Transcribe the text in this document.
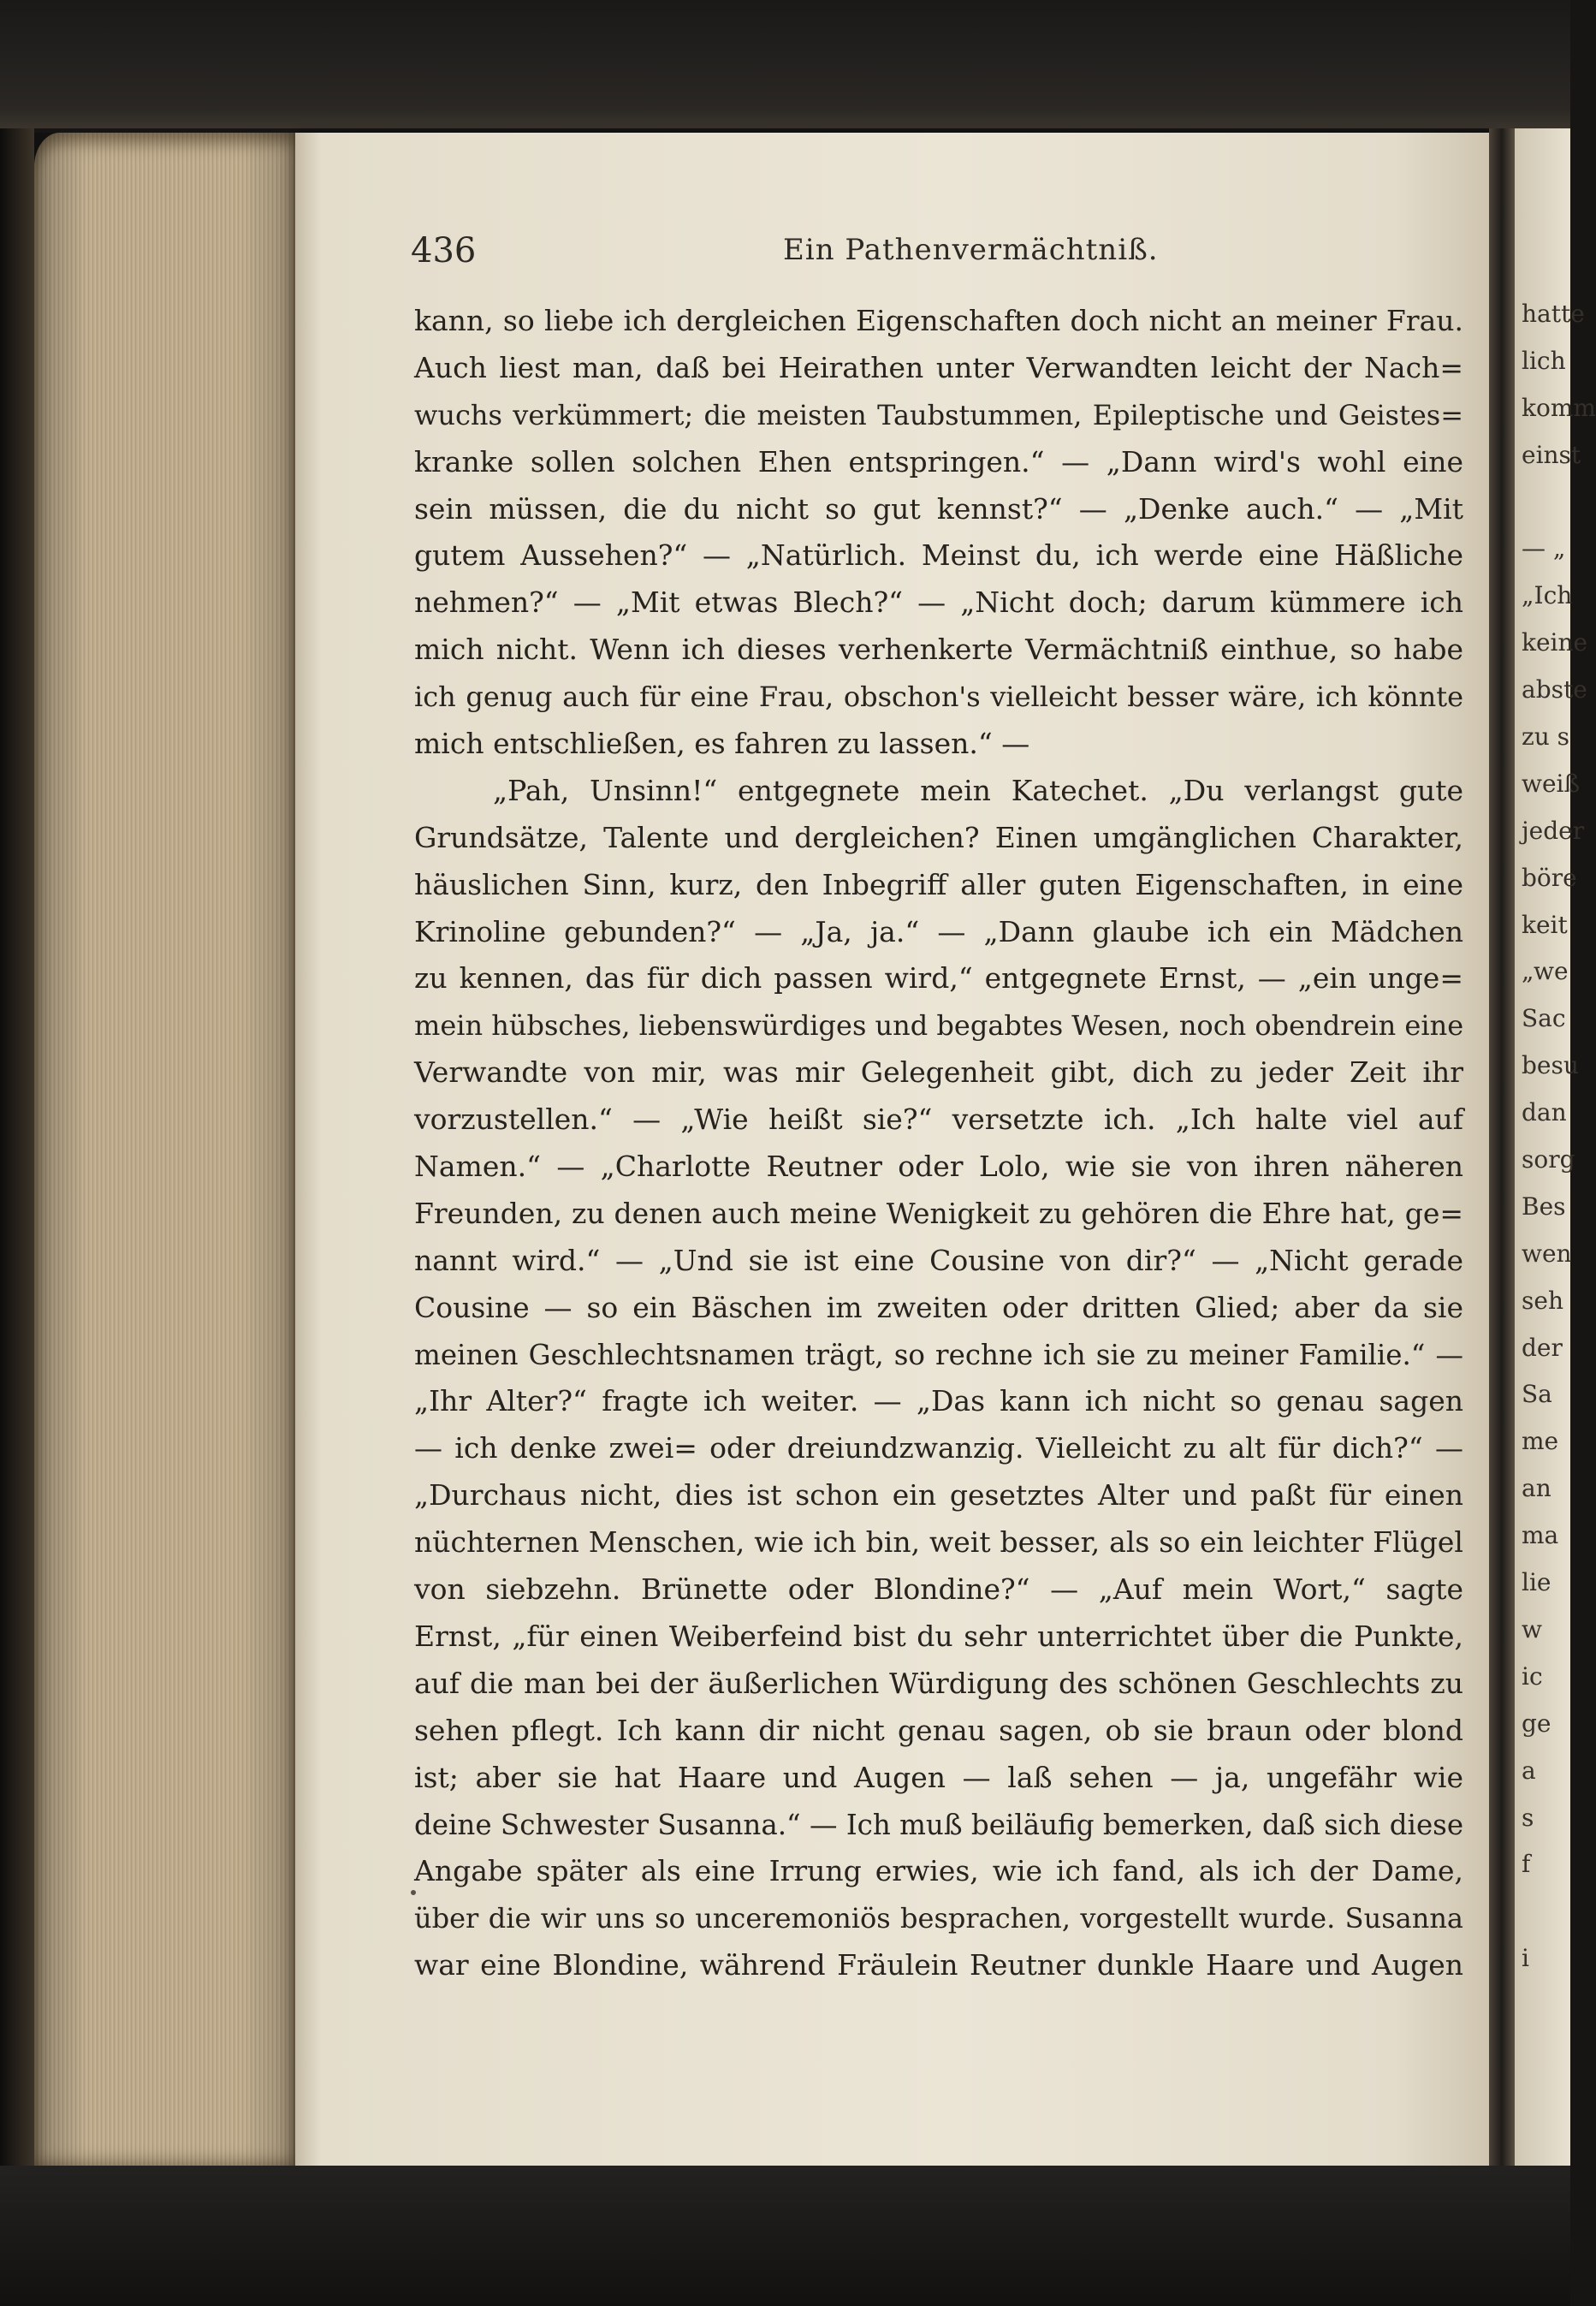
436	Ein Pathenvermächtniß.
kann, so liebe ich dergleichen Eigenschaften doch nicht an meiner Frau.
Auch liest man, daß bei Heirathen unter Verwandten leicht der Nach=
wuchs verkümmert; die meisten Taubstummen, Epileptische und Geistes=
kranke sollen solchen Ehen entspringen.“ — „Dann wird's wohl eine
sein müssen, die du nicht so gut kennst?“ — „Denke auch.“ — „Mit
gutem Aussehen?“ — „Natürlich. Meinst du, ich werde eine Häßliche
nehmen?“ — „Mit etwas Blech?“ — „Nicht doch; darum kümmere ich
mich nicht. Wenn ich dieses verhenkerte Vermächtniß einthue, so habe
ich genug auch für eine Frau, obschon's vielleicht besser wäre, ich könnte
mich entschließen, es fahren zu lassen.“ —
„Pah, Unsinn!“ entgegnete mein Katechet. „Du verlangst gute
Grundsätze, Talente und dergleichen? Einen umgänglichen Charakter,
häuslichen Sinn, kurz, den Inbegriff aller guten Eigenschaften, in eine
Krinoline gebunden?“ — „Ja, ja.“ — „Dann glaube ich ein Mädchen
zu kennen, das für dich passen wird,“ entgegnete Ernst, — „ein unge=
mein hübsches, liebenswürdiges und begabtes Wesen, noch obendrein eine
Verwandte von mir, was mir Gelegenheit gibt, dich zu jeder Zeit ihr
vorzustellen.“ — „Wie heißt sie?“ versetzte ich. „Ich halte viel auf
Namen.“ — „Charlotte Reutner oder Lolo, wie sie von ihren näheren
Freunden, zu denen auch meine Wenigkeit zu gehören die Ehre hat, ge=
nannt wird.“ — „Und sie ist eine Cousine von dir?“ — „Nicht gerade
Cousine — so ein Bäschen im zweiten oder dritten Glied; aber da sie
meinen Geschlechtsnamen trägt, so rechne ich sie zu meiner Familie.“ —
„Ihr Alter?“ fragte ich weiter. — „Das kann ich nicht so genau sagen
— ich denke zwei= oder dreiundzwanzig. Vielleicht zu alt für dich?“ —
„Durchaus nicht, dies ist schon ein gesetztes Alter und paßt für einen
nüchternen Menschen, wie ich bin, weit besser, als so ein leichter Flügel
von siebzehn. Brünette oder Blondine?“ — „Auf mein Wort,“ sagte
Ernst, „für einen Weiberfeind bist du sehr unterrichtet über die Punkte,
auf die man bei der äußerlichen Würdigung des schönen Geschlechts zu
sehen pflegt. Ich kann dir nicht genau sagen, ob sie braun oder blond
ist; aber sie hat Haare und Augen — laß sehen — ja, ungefähr wie
deine Schwester Susanna.“ — Ich muß beiläufig bemerken, daß sich diese
Angabe später als eine Irrung erwies, wie ich fand, als ich der Dame,
über die wir uns so unceremoniös besprachen, vorgestellt wurde. Susanna
war eine Blondine, während Fräulein Reutner dunkle Haare und Augen
hatte
lich
komm
einst
— „
„Ich
keine
abste
zu s
weiß
jeder
böre
keit
„we
Sac
besu
dan
sorg
Bes
wen
seh
der
Sa
me
an
ma
lie
w
ic
ge
a
s
f
i
